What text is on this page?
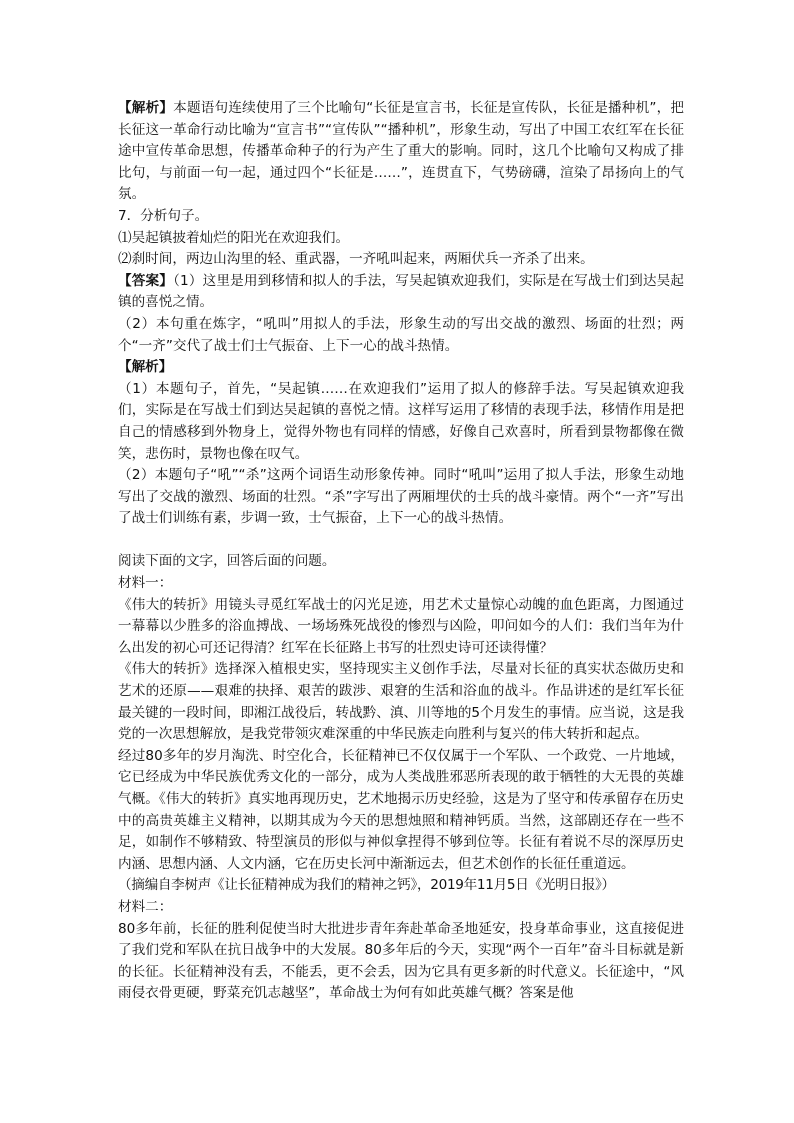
【解析】本题语句连续使用了三个比喻句“长征是宣言书，长征是宣传队，长征是播种机”，把长征这一革命行动比喻为“宣言书”“宣传队”“播种机”，形象生动，写出了中国工农红军在长征途中宣传革命思想，传播革命种子的行为产生了重大的影响。同时，这几个比喻句又构成了排比句，与前面一句一起，通过四个“长征是……”，连贯直下，气势磅礴，渲染了昂扬向上的气氛。

7．分析句子。

⑴吴起镇披着灿烂的阳光在欢迎我们。

⑵刹时间，两边山沟里的轻、重武器，一齐吼叫起来，两厢伏兵一齐杀了出来。

【答案】（1）这里是用到移情和拟人的手法，写吴起镇欢迎我们，实际是在写战士们到达吴起镇的喜悦之情。

（2）本句重在炼字，“吼叫”用拟人的手法，形象生动的写出交战的激烈、场面的壮烈；两个“一齐”交代了战士们士气振奋、上下一心的战斗热情。

【解析】

（1）本题句子，首先，“吴起镇……在欢迎我们”运用了拟人的修辞手法。写吴起镇欢迎我们，实际是在写战士们到达吴起镇的喜悦之情。这样写运用了移情的表现手法，移情作用是把自己的情感移到外物身上，觉得外物也有同样的情感，好像自己欢喜时，所看到景物都像在微笑，悲伤时，景物也像在叹气。

（2）本题句子“吼”“杀”这两个词语生动形象传神。同时“吼叫”运用了拟人手法，形象生动地写出了交战的激烈、场面的壮烈。“杀”字写出了两厢埋伏的士兵的战斗豪情。两个“一齐”写出了战士们训练有素，步调一致，士气振奋，上下一心的战斗热情。

阅读下面的文字，回答后面的问题。

材料一：

《伟大的转折》用镜头寻觅红军战士的闪光足迹，用艺术丈量惊心动魄的血色距离，力图通过一幕幕以少胜多的浴血搏战、一场场殊死战役的惨烈与凶险，叩问如今的人们：我们当年为什么出发的初心可还记得清？红军在长征路上书写的壮烈史诗可还读得懂？

《伟大的转折》选择深入植根史实，坚持现实主义创作手法，尽量对长征的真实状态做历史和艺术的还原——艰难的抉择、艰苦的跋涉、艰窘的生活和浴血的战斗。作品讲述的是红军长征最关键的一段时间，即湘江战役后，转战黔、滇、川等地的5个月发生的事情。应当说，这是我党的一次思想解放，是我党带领灾难深重的中华民族走向胜利与复兴的伟大转折和起点。

经过80多年的岁月淘洗、时空化合，长征精神已不仅仅属于一个军队、一个政党、一片地域，它已经成为中华民族优秀文化的一部分，成为人类战胜邪恶所表现的敢于牺牲的大无畏的英雄气概。《伟大的转折》真实地再现历史，艺术地揭示历史经验，这是为了坚守和传承留存在历史中的高贵英雄主义精神，以期其成为今天的思想烛照和精神钙质。当然，这部剧还存在一些不足，如制作不够精致、特型演员的形似与神似拿捏得不够到位等。长征有着说不尽的深厚历史内涵、思想内涵、人文内涵，它在历史长河中渐渐远去，但艺术创作的长征任重道远。

（摘编自李树声《让长征精神成为我们的精神之钙》，2019年11月5日《光明日报》）

材料二：

80多年前，长征的胜利促使当时大批进步青年奔赴革命圣地延安，投身革命事业，这直接促进了我们党和军队在抗日战争中的大发展。80多年后的今天，实现“两个一百年”奋斗目标就是新的长征。长征精神没有丢，不能丢，更不会丢，因为它具有更多新的时代意义。长征途中，“风雨侵衣骨更硬，野菜充饥志越坚”，革命战士为何有如此英雄气概？答案是他
